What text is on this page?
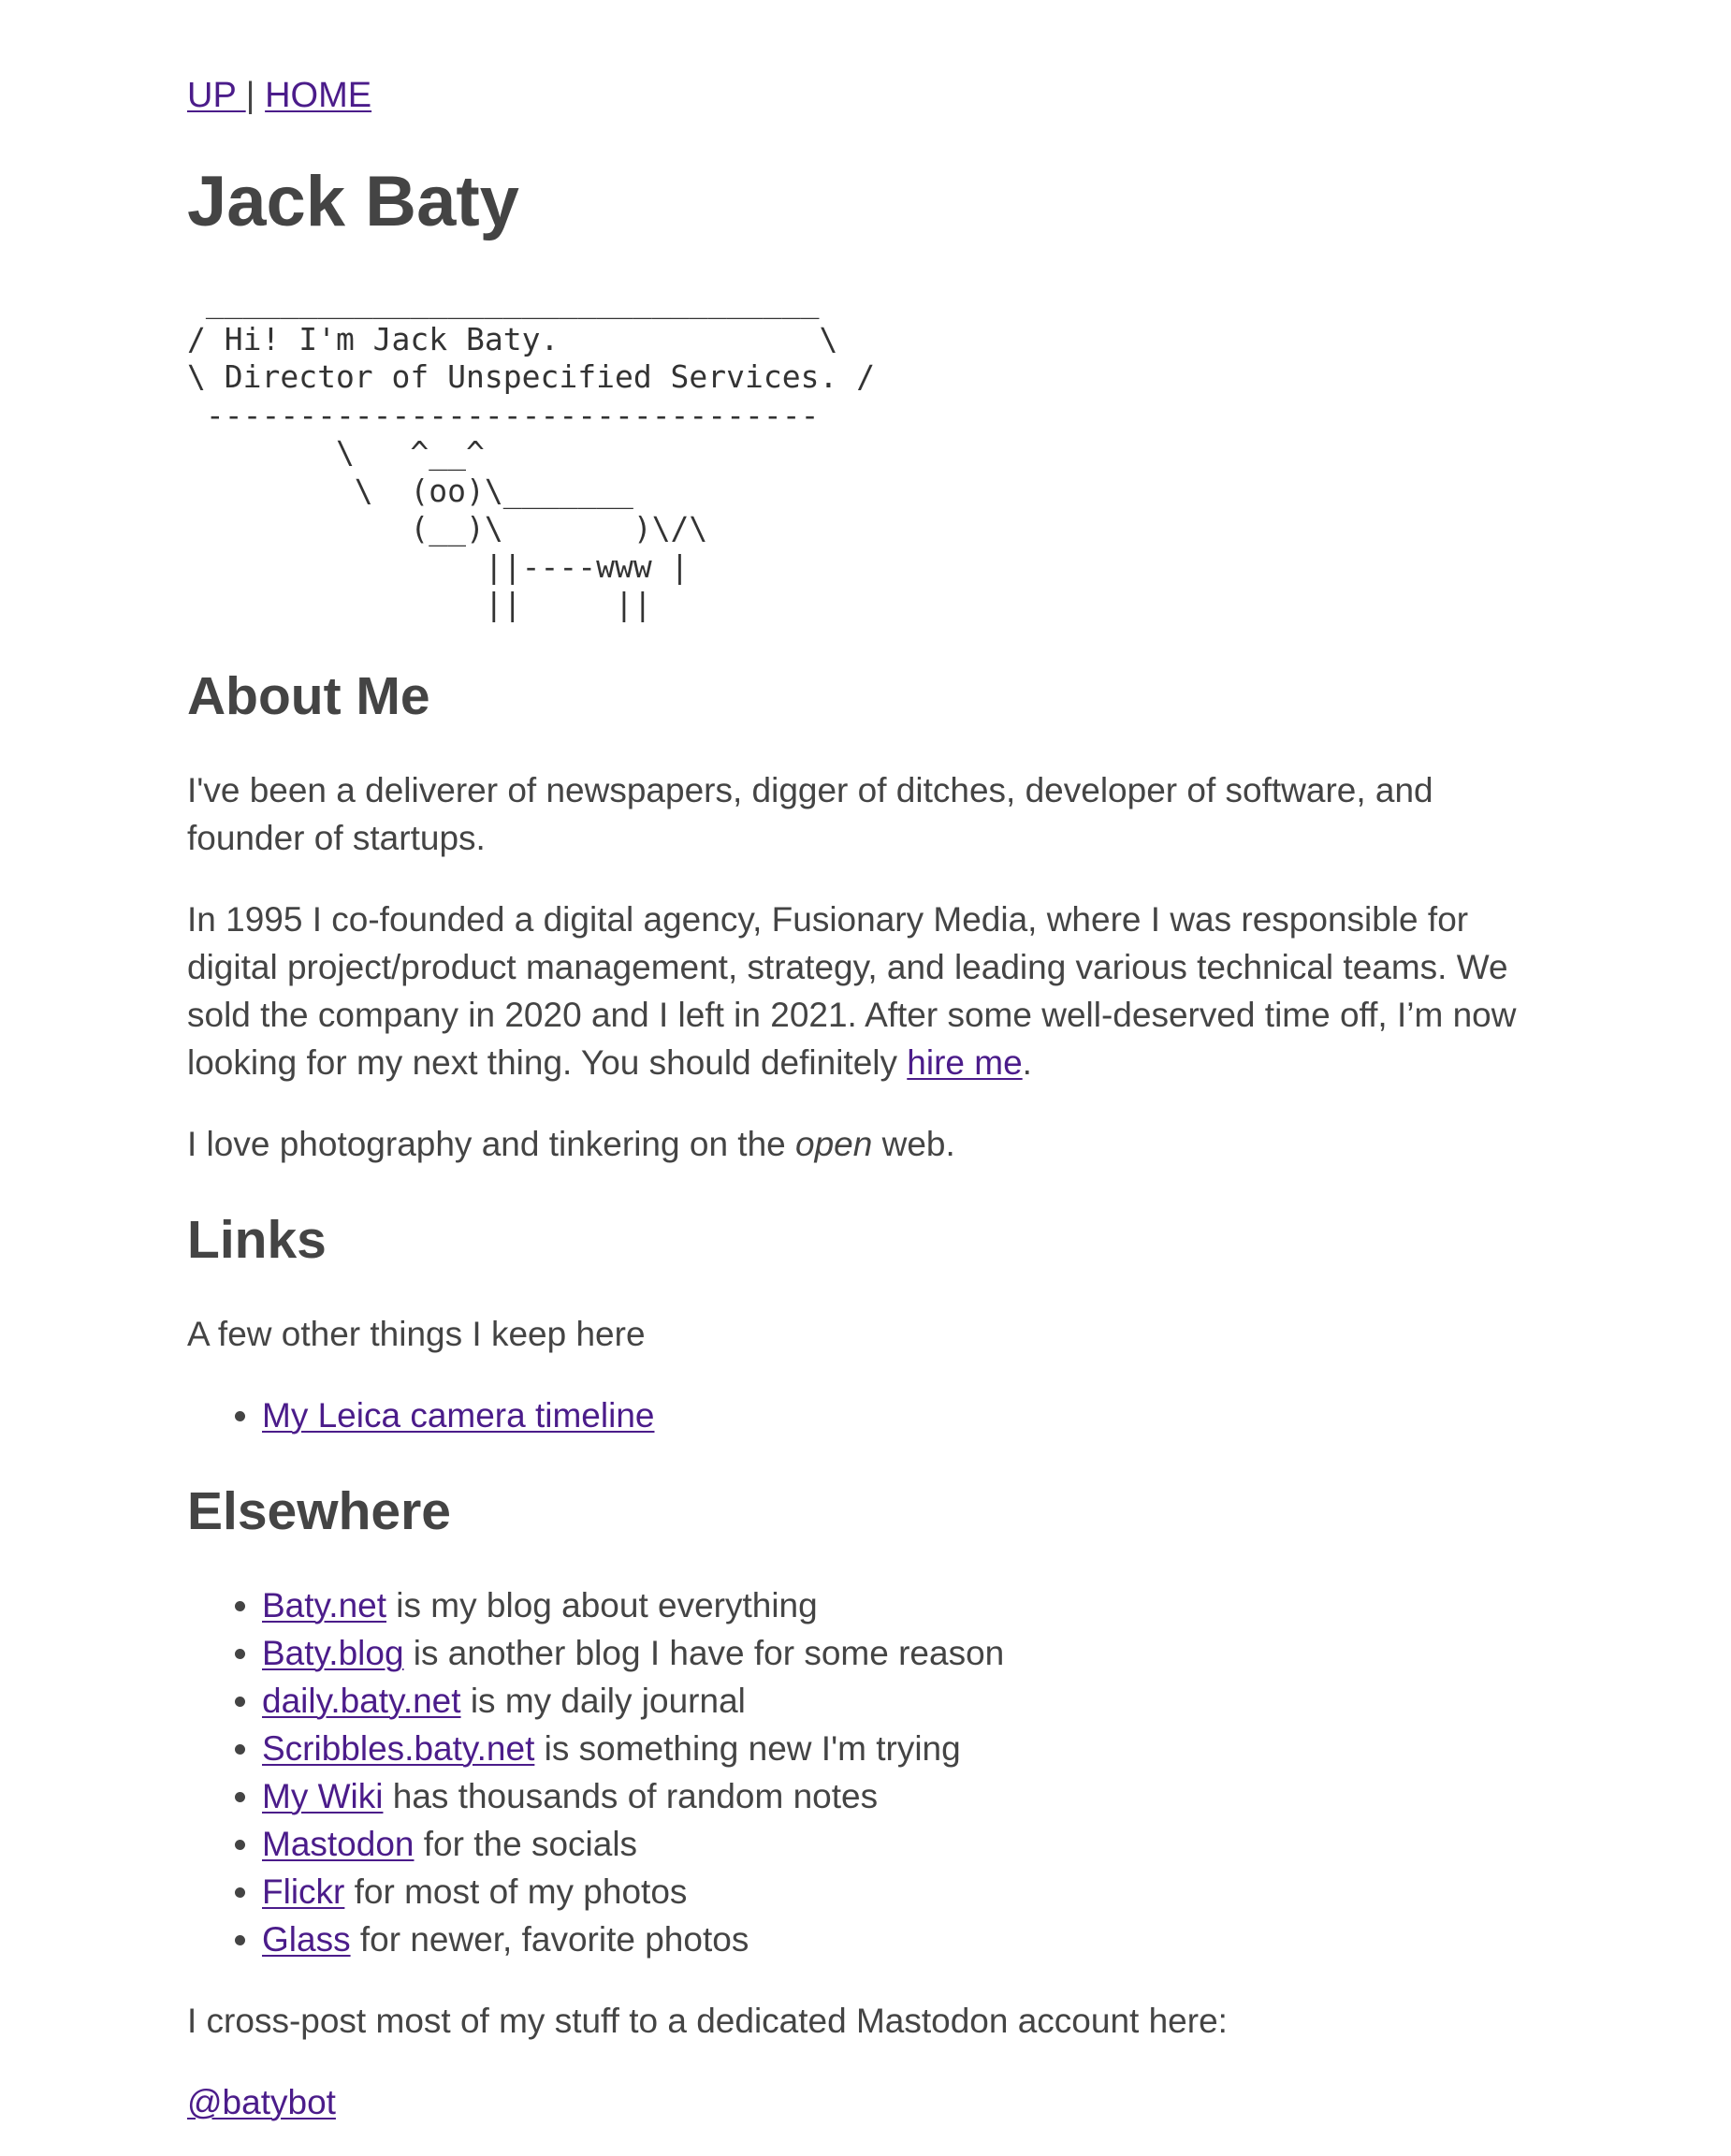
UP | HOME

Jack Baty
_________________________________
/ Hi! I'm Jack Baty.              \
\ Director of Unspecified Services. /
---------------------------------
\   ^__^
\  (oo)\_______
(__)\       )\/\
||----www |
||     ||
About Me

I've been a deliverer of newspapers, digger of ditches, developer of software, and founder of startups.

In 1995 I co-founded a digital agency, Fusionary Media, where I was responsible for digital project/product management, strategy, and leading various technical teams. We sold the company in 2020 and I left in 2021. After some well-deserved time off, I’m now looking for my next thing. You should definitely hire me.

I love photography and tinkering on the open web.

Links

A few other things I keep here

• My Leica camera timeline
Elsewhere
• Baty.net is my blog about everything
• Baty.blog is another blog I have for some reason
• daily.baty.net is my daily journal
• Scribbles.baty.net is something new I'm trying
• My Wiki has thousands of random notes
• Mastodon for the socials
• Flickr for most of my photos
• Glass for newer, favorite photos

I cross-post most of my stuff to a dedicated Mastodon account here:

@batybot
